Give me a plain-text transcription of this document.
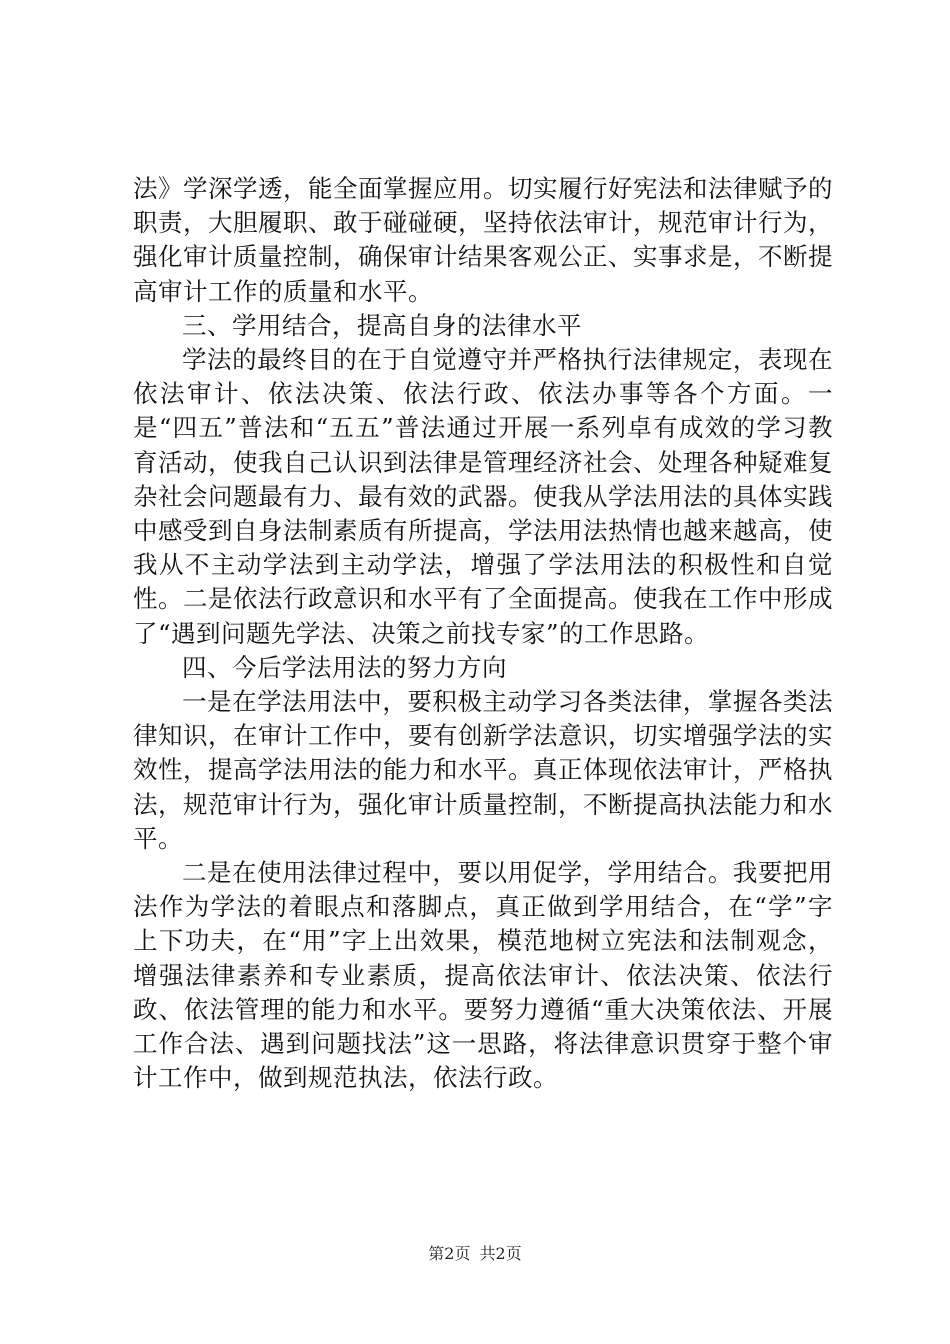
法》学深学透，能全面掌握应用。切实履行好宪法和法律赋予的职责，大胆履职、敢于碰碰硬，坚持依法审计，规范审计行为，强化审计质量控制，确保审计结果客观公正、实事求是，不断提高审计工作的质量和水平。

三、学用结合，提高自身的法律水平

学法的最终目的在于自觉遵守并严格执行法律规定，表现在依法审计、依法决策、依法行政、依法办事等各个方面。一是“四五”普法和“五五”普法通过开展一系列卓有成效的学习教育活动，使我自己认识到法律是管理经济社会、处理各种疑难复杂社会问题最有力、最有效的武器。使我从学法用法的具体实践中感受到自身法制素质有所提高，学法用法热情也越来越高，使我从不主动学法到主动学法，增强了学法用法的积极性和自觉性。二是依法行政意识和水平有了全面提高。使我在工作中形成了“遇到问题先学法、决策之前找专家”的工作思路。

四、今后学法用法的努力方向

一是在学法用法中，要积极主动学习各类法律，掌握各类法律知识，在审计工作中，要有创新学法意识，切实增强学法的实效性，提高学法用法的能力和水平。真正体现依法审计，严格执法，规范审计行为，强化审计质量控制，不断提高执法能力和水平。

二是在使用法律过程中，要以用促学，学用结合。我要把用法作为学法的着眼点和落脚点，真正做到学用结合，在“学”字上下功夫，在“用”字上出效果，模范地树立宪法和法制观念，增强法律素养和专业素质，提高依法审计、依法决策、依法行政、依法管理的能力和水平。要努力遵循“重大决策依法、开展工作合法、遇到问题找法”这一思路，将法律意识贯穿于整个审计工作中，做到规范执法，依法行政。

第2页 共2页
